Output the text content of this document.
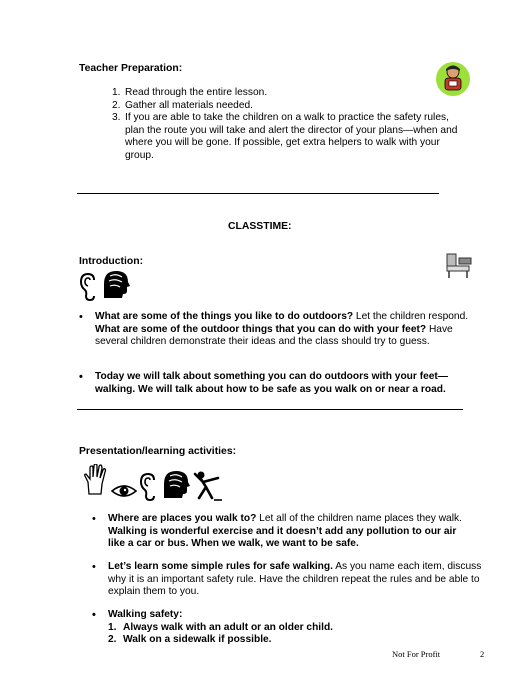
Teacher Preparation:
1. Read through the entire lesson.
2. Gather all materials needed.
3. If you are able to take the children on a walk to practice the safety rules, plan the route you will take and alert the director of your plans—when and where you will be gone. If possible, get extra helpers to walk with your group.
CLASSTIME:
Introduction:
• What are some of the things you like to do outdoors? Let the children respond. What are some of the outdoor things that you can do with your feet? Have several children demonstrate their ideas and the class should try to guess.
• Today we will talk about something you can do outdoors with your feet—walking. We will talk about how to be safe as you walk on or near a road.
Presentation/learning activities:
• Where are places you walk to? Let all of the children name places they walk. Walking is wonderful exercise and it doesn’t add any pollution to our air like a car or bus. When we walk, we want to be safe.
• Let’s learn some simple rules for safe walking. As you name each item, discuss why it is an important safety rule. Have the children repeat the rules and be able to explain them to you.
• Walking safety:
1. Always walk with an adult or an older child.
2. Walk on a sidewalk if possible.
Not For Profit	2
